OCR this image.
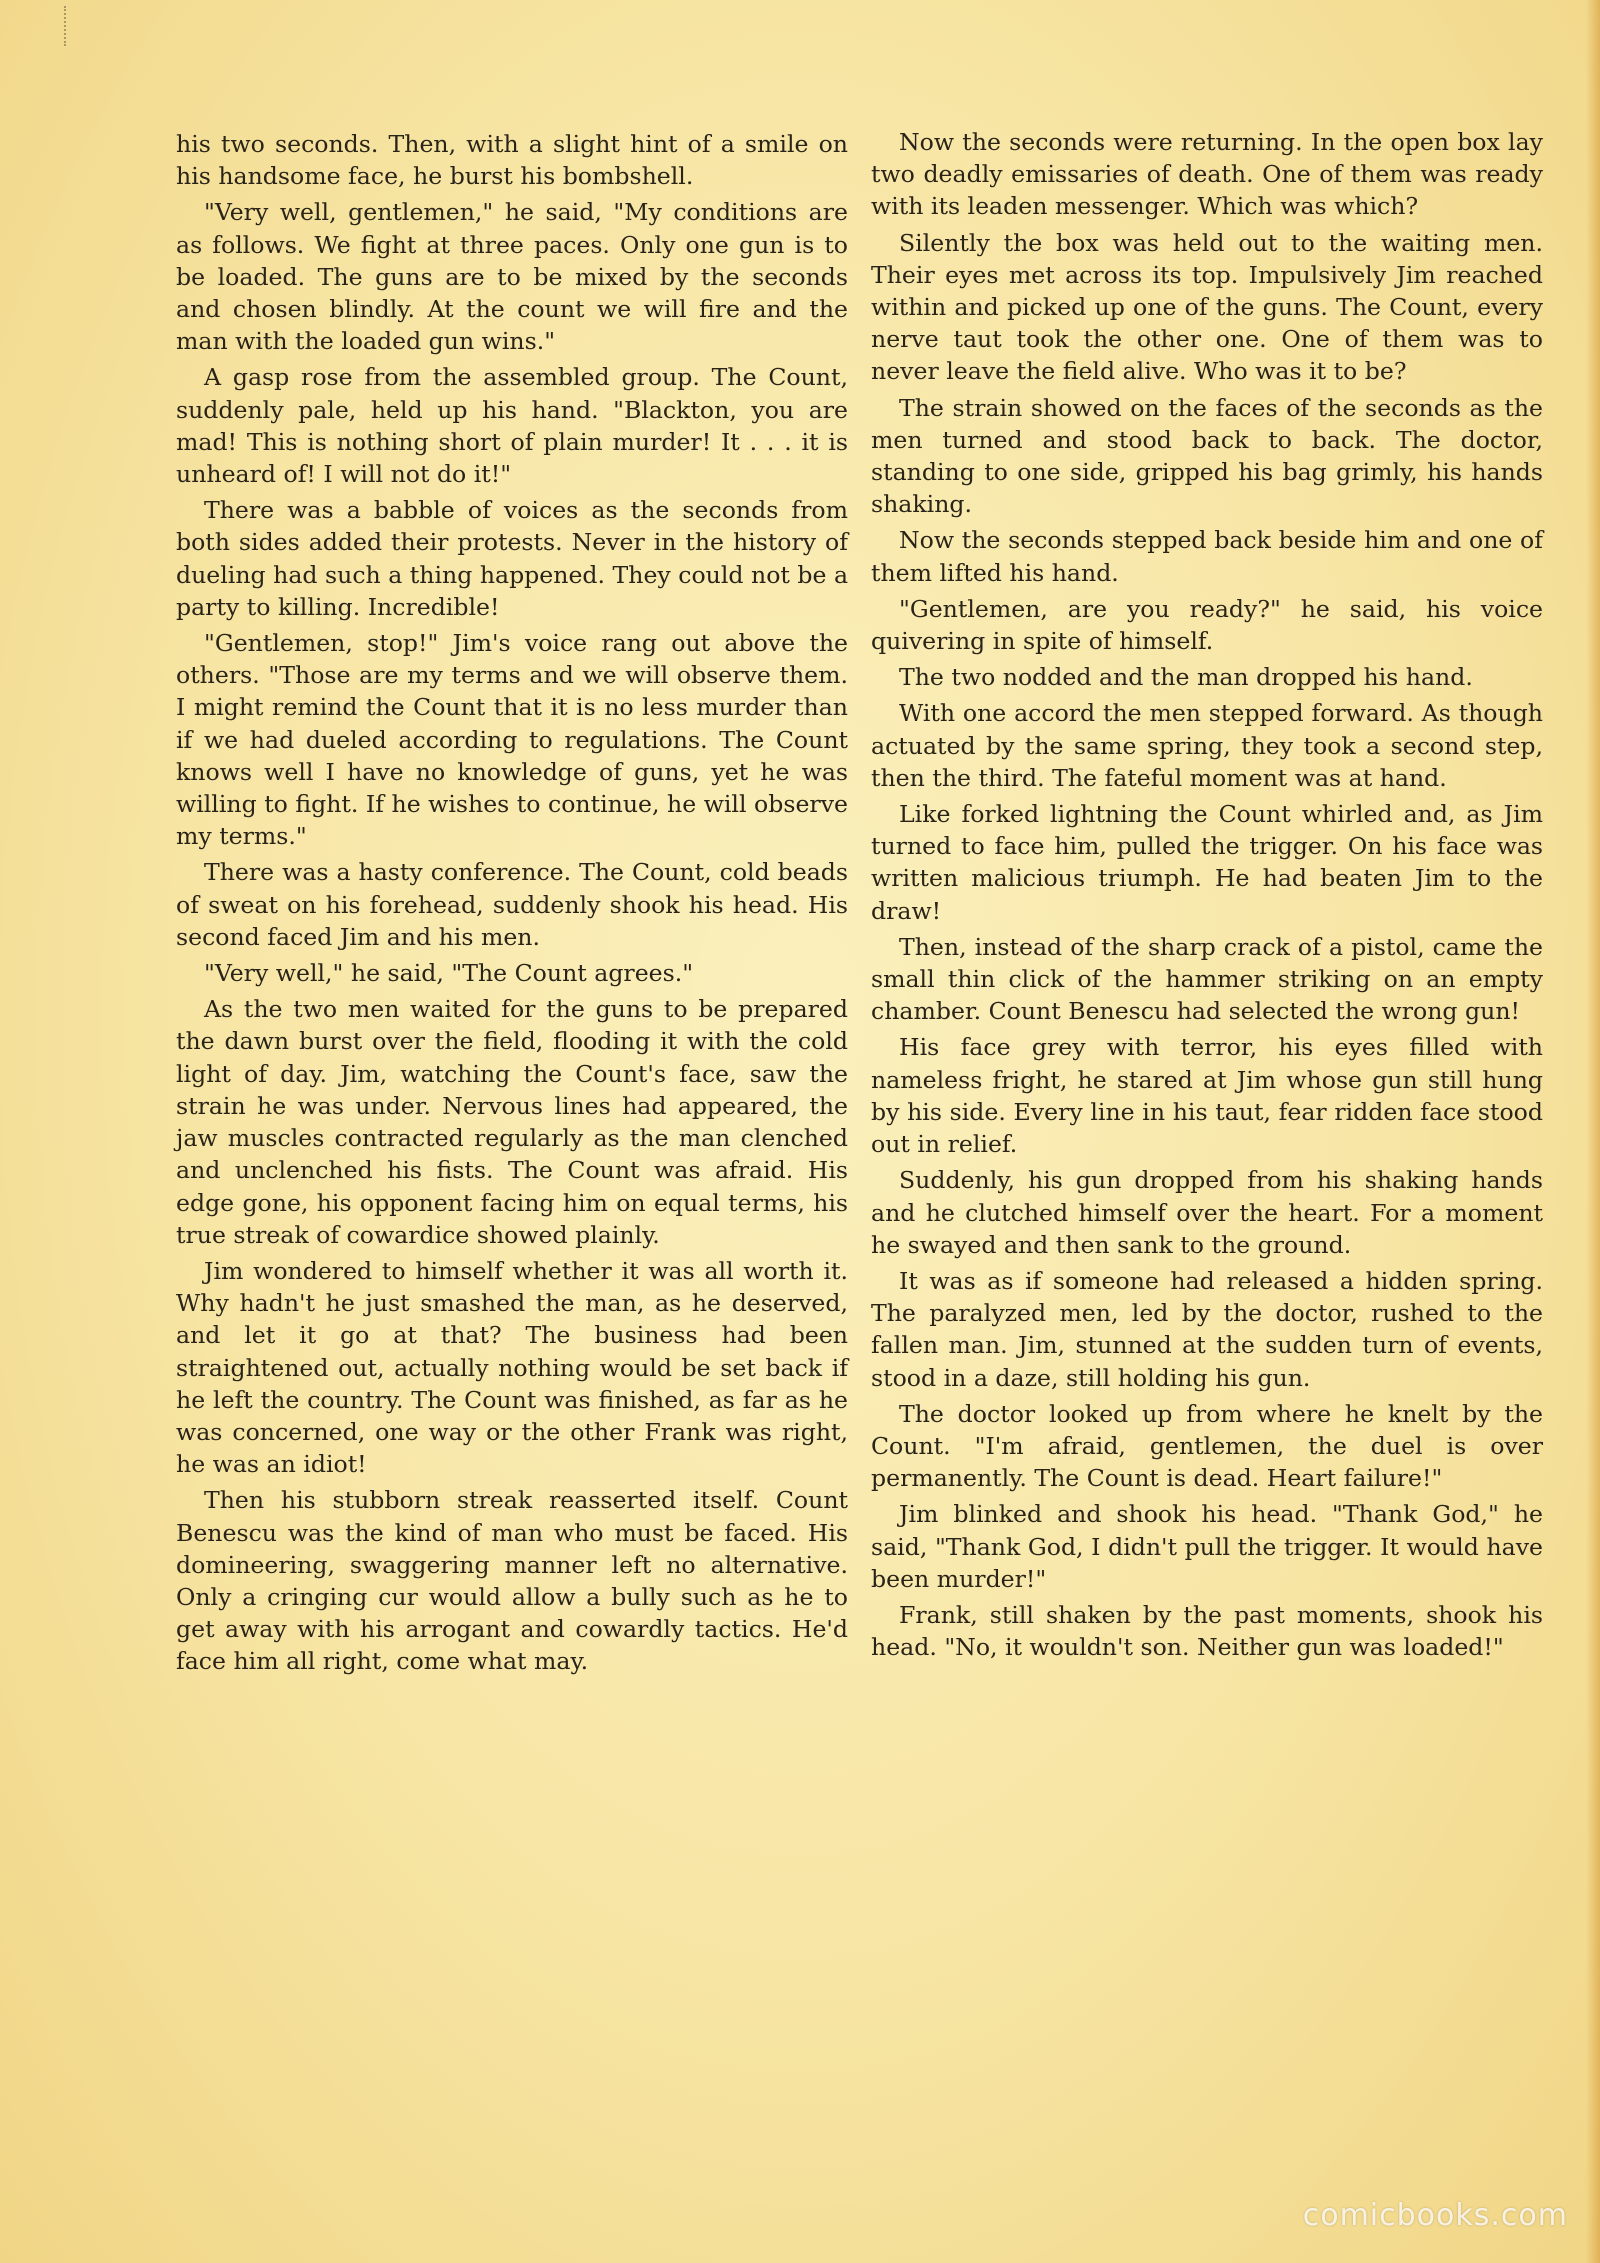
his two seconds. Then, with a slight hint of a smile on his handsome face, he burst his bombshell.

"Very well, gentlemen," he said, "My conditions are as follows. We fight at three paces. Only one gun is to be loaded. The guns are to be mixed by the seconds and chosen blindly. At the count we will fire and the man with the loaded gun wins."

A gasp rose from the assembled group. The Count, suddenly pale, held up his hand. "Blackton, you are mad! This is nothing short of plain murder! It . . . it is unheard of! I will not do it!"

There was a babble of voices as the seconds from both sides added their protests. Never in the history of dueling had such a thing happened. They could not be a party to killing. Incredible!

"Gentlemen, stop!" Jim's voice rang out above the others. "Those are my terms and we will observe them. I might remind the Count that it is no less murder than if we had dueled according to regulations. The Count knows well I have no knowledge of guns, yet he was willing to fight. If he wishes to continue, he will observe my terms."

There was a hasty conference. The Count, cold beads of sweat on his forehead, suddenly shook his head. His second faced Jim and his men.

"Very well," he said, "The Count agrees."

As the two men waited for the guns to be prepared the dawn burst over the field, flooding it with the cold light of day. Jim, watching the Count's face, saw the strain he was under. Nervous lines had appeared, the jaw muscles contracted regularly as the man clenched and unclenched his fists. The Count was afraid. His edge gone, his opponent facing him on equal terms, his true streak of cowardice showed plainly.

Jim wondered to himself whether it was all worth it. Why hadn't he just smashed the man, as he deserved, and let it go at that? The business had been straightened out, actually nothing would be set back if he left the country. The Count was finished, as far as he was concerned, one way or the other Frank was right, he was an idiot!

Then his stubborn streak reasserted itself. Count Benescu was the kind of man who must be faced. His domineering, swaggering manner left no alternative. Only a cringing cur would allow a bully such as he to get away with his arrogant and cowardly tactics. He'd face him all right, come what may.

Now the seconds were returning. In the open box lay two deadly emissaries of death. One of them was ready with its leaden messenger. Which was which?

Silently the box was held out to the waiting men. Their eyes met across its top. Impulsively Jim reached within and picked up one of the guns. The Count, every nerve taut took the other one. One of them was to never leave the field alive. Who was it to be?

The strain showed on the faces of the seconds as the men turned and stood back to back. The doctor, standing to one side, gripped his bag grimly, his hands shaking.

Now the seconds stepped back beside him and one of them lifted his hand.

"Gentlemen, are you ready?" he said, his voice quivering in spite of himself.

The two nodded and the man dropped his hand.

With one accord the men stepped forward. As though actuated by the same spring, they took a second step, then the third. The fateful moment was at hand.

Like forked lightning the Count whirled and, as Jim turned to face him, pulled the trigger. On his face was written malicious triumph. He had beaten Jim to the draw!

Then, instead of the sharp crack of a pistol, came the small thin click of the hammer striking on an empty chamber. Count Benescu had selected the wrong gun!

His face grey with terror, his eyes filled with nameless fright, he stared at Jim whose gun still hung by his side. Every line in his taut, fear ridden face stood out in relief.

Suddenly, his gun dropped from his shaking hands and he clutched himself over the heart. For a moment he swayed and then sank to the ground.

It was as if someone had released a hidden spring. The paralyzed men, led by the doctor, rushed to the fallen man. Jim, stunned at the sudden turn of events, stood in a daze, still holding his gun.

The doctor looked up from where he knelt by the Count. "I'm afraid, gentlemen, the duel is over permanently. The Count is dead. Heart failure!"

Jim blinked and shook his head. "Thank God," he said, "Thank God, I didn't pull the trigger. It would have been murder!"

Frank, still shaken by the past moments, shook his head. "No, it wouldn't son. Neither gun was loaded!"

comicbooks.com
